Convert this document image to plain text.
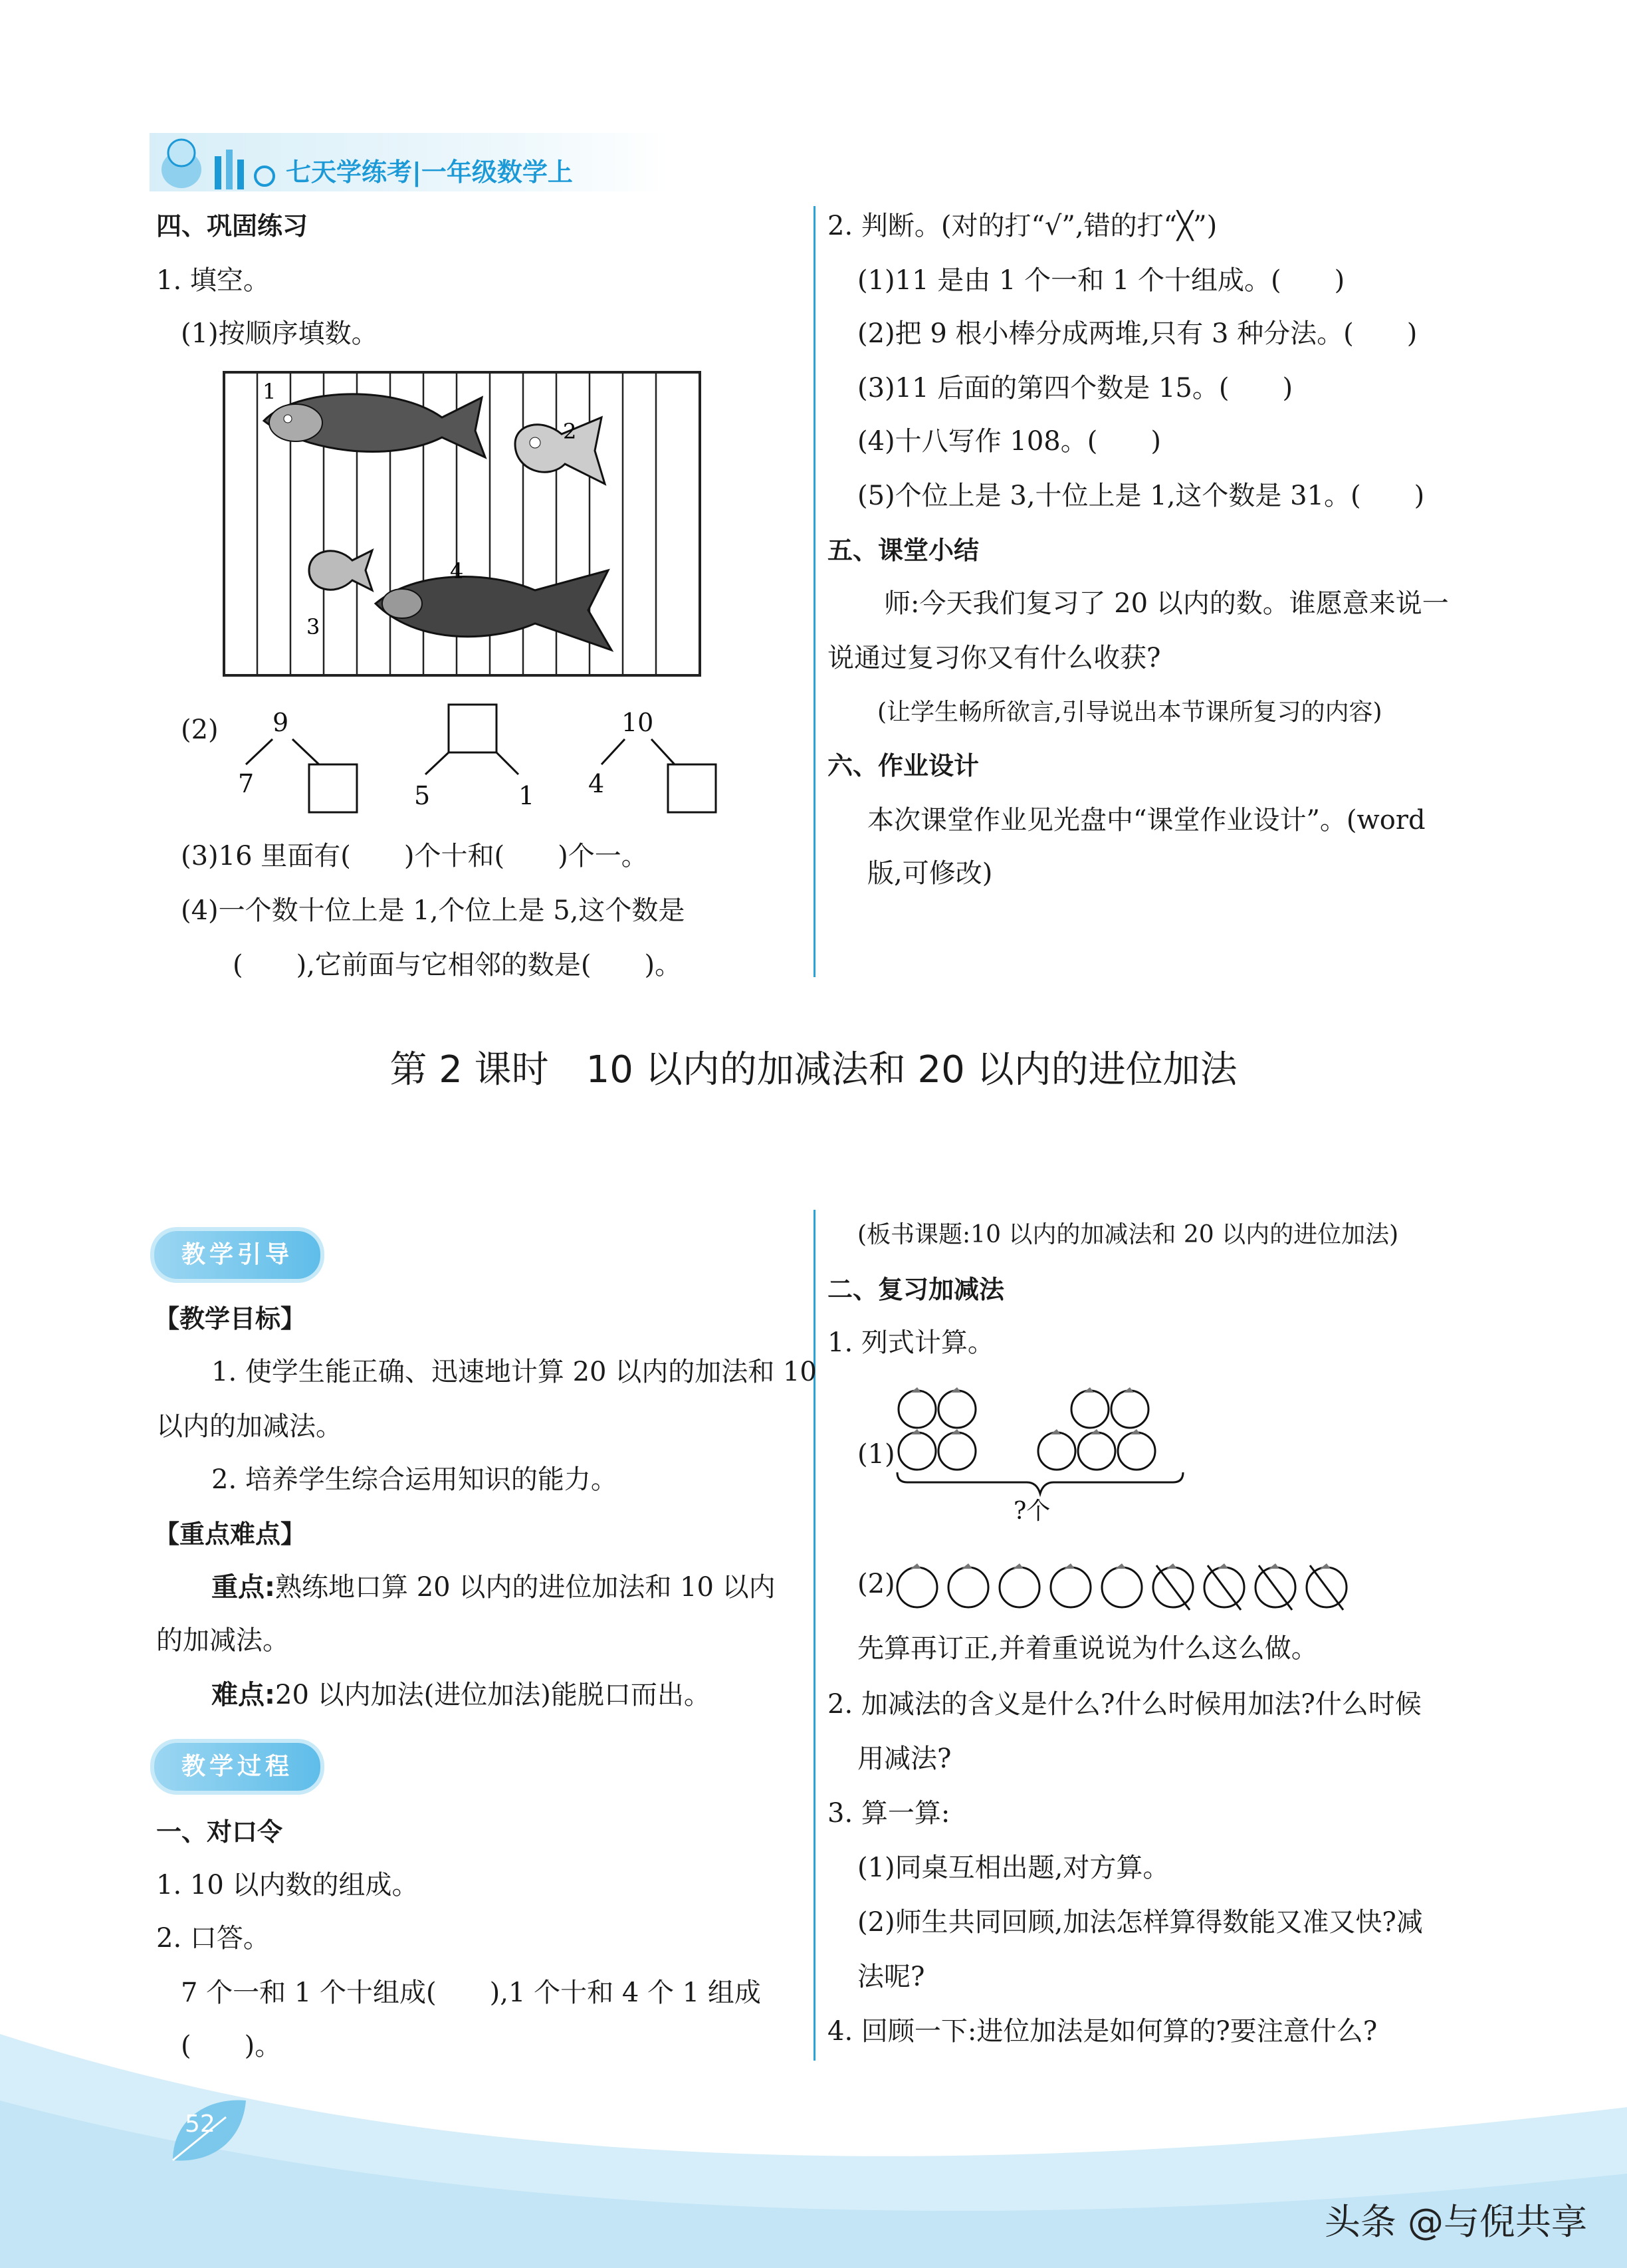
52
七天学练考|一年级数学上
四、巩固练习
1. 填空。
(1)按顺序填数。
1
2
3
4
(2) 9
7	5	1
10
4
(3)16 里面有(　　)个十和(　　)个一。
(4)一个数十位上是 1,个位上是 5,这个数是
(　　),它前面与它相邻的数是(　　)。
2. 判断。(对的打“√”,错的打“╳”)
(1)11 是由 1 个一和 1 个十组成。(　　)
(2)把 9 根小棒分成两堆,只有 3 种分法。(　　)
(3)11 后面的第四个数是 15。(　　)
(4)十八写作 108。(　　)
(5)个位上是 3,十位上是 1,这个数是 31。(　　)
五、课堂小结
师:今天我们复习了 20 以内的数。谁愿意来说一
说通过复习你又有什么收获?
(让学生畅所欲言,引导说出本节课所复习的内容)
六、作业设计
本次课堂作业见光盘中“课堂作业设计”。(word
版,可修改)
第 2 课时　10 以内的加减法和 20 以内的进位加法
教学引导
【教学目标】
1. 使学生能正确、迅速地计算 20 以内的加法和 10
以内的加减法。
2. 培养学生综合运用知识的能力。
【重点难点】
重点:熟练地口算 20 以内的进位加法和 10 以内
的加减法。
难点:20 以内加法(进位加法)能脱口而出。
教学过程
一、对口令
1. 10 以内数的组成。
2. 口答。
7 个一和 1 个十组成(　　),1 个十和 4 个 1 组成
(　　)。
(板书课题:10 以内的加减法和 20 以内的进位加法)
二、复习加减法
1. 列式计算。
(1)
?个
(2)
先算再订正,并着重说说为什么这么做。
2. 加减法的含义是什么?什么时候用加法?什么时候
用减法?
3. 算一算:
(1)同桌互相出题,对方算。
(2)师生共同回顾,加法怎样算得数能又准又快?减
法呢?
4. 回顾一下:进位加法是如何算的?要注意什么?
头条 @与倪共享
